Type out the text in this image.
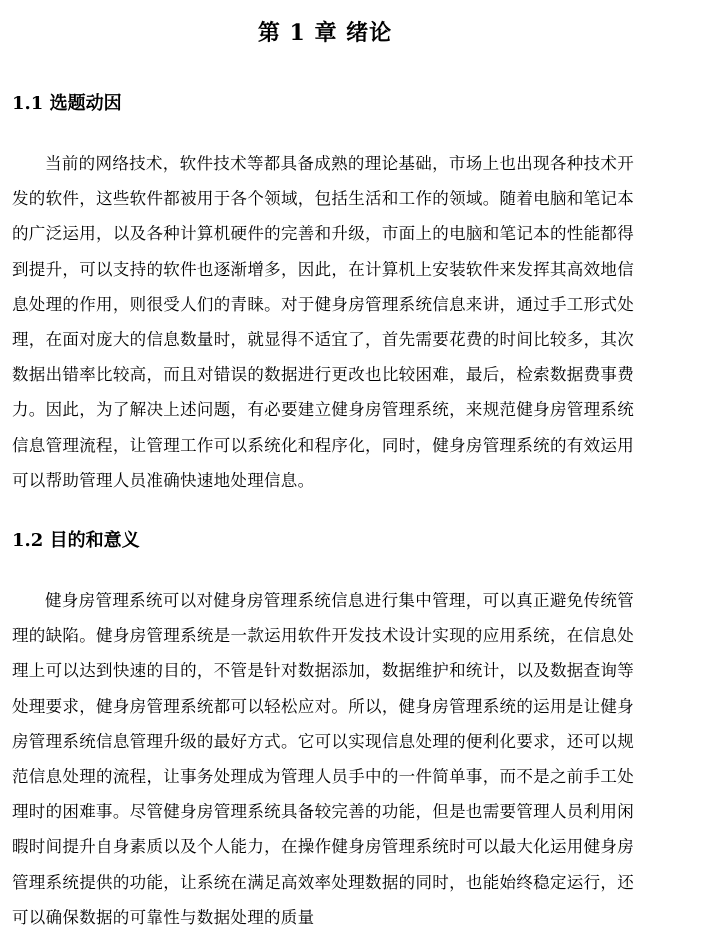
第 1 章 绪论
1.1 选题动因

当前的网络技术，软件技术等都具备成熟的理论基础，市场上也出现各种技术开发的软件，这些软件都被用于各个领域，包括生活和工作的领域。随着电脑和笔记本的广泛运用，以及各种计算机硬件的完善和升级，市面上的电脑和笔记本的性能都得到提升，可以支持的软件也逐渐增多，因此，在计算机上安装软件来发挥其高效地信息处理的作用，则很受人们的青睐。对于健身房管理系统信息来讲，通过手工形式处理，在面对庞大的信息数量时，就显得不适宜了，首先需要花费的时间比较多，其次数据出错率比较高，而且对错误的数据进行更改也比较困难，最后，检索数据费事费力。因此，为了解决上述问题，有必要建立健身房管理系统，来规范健身房管理系统信息管理流程，让管理工作可以系统化和程序化，同时，健身房管理系统的有效运用可以帮助管理人员准确快速地处理信息。

1.2 目的和意义

健身房管理系统可以对健身房管理系统信息进行集中管理，可以真正避免传统管理的缺陷。健身房管理系统是一款运用软件开发技术设计实现的应用系统，在信息处理上可以达到快速的目的，不管是针对数据添加，数据维护和统计，以及数据查询等处理要求，健身房管理系统都可以轻松应对。所以，健身房管理系统的运用是让健身房管理系统信息管理升级的最好方式。它可以实现信息处理的便利化要求，还可以规范信息处理的流程，让事务处理成为管理人员手中的一件简单事，而不是之前手工处理时的困难事。尽管健身房管理系统具备较完善的功能，但是也需要管理人员利用闲暇时间提升自身素质以及个人能力，在操作健身房管理系统时可以最大化运用健身房管理系统提供的功能，让系统在满足高效率处理数据的同时，也能始终稳定运行，还可以确保数据的可靠性与数据处理的质量
